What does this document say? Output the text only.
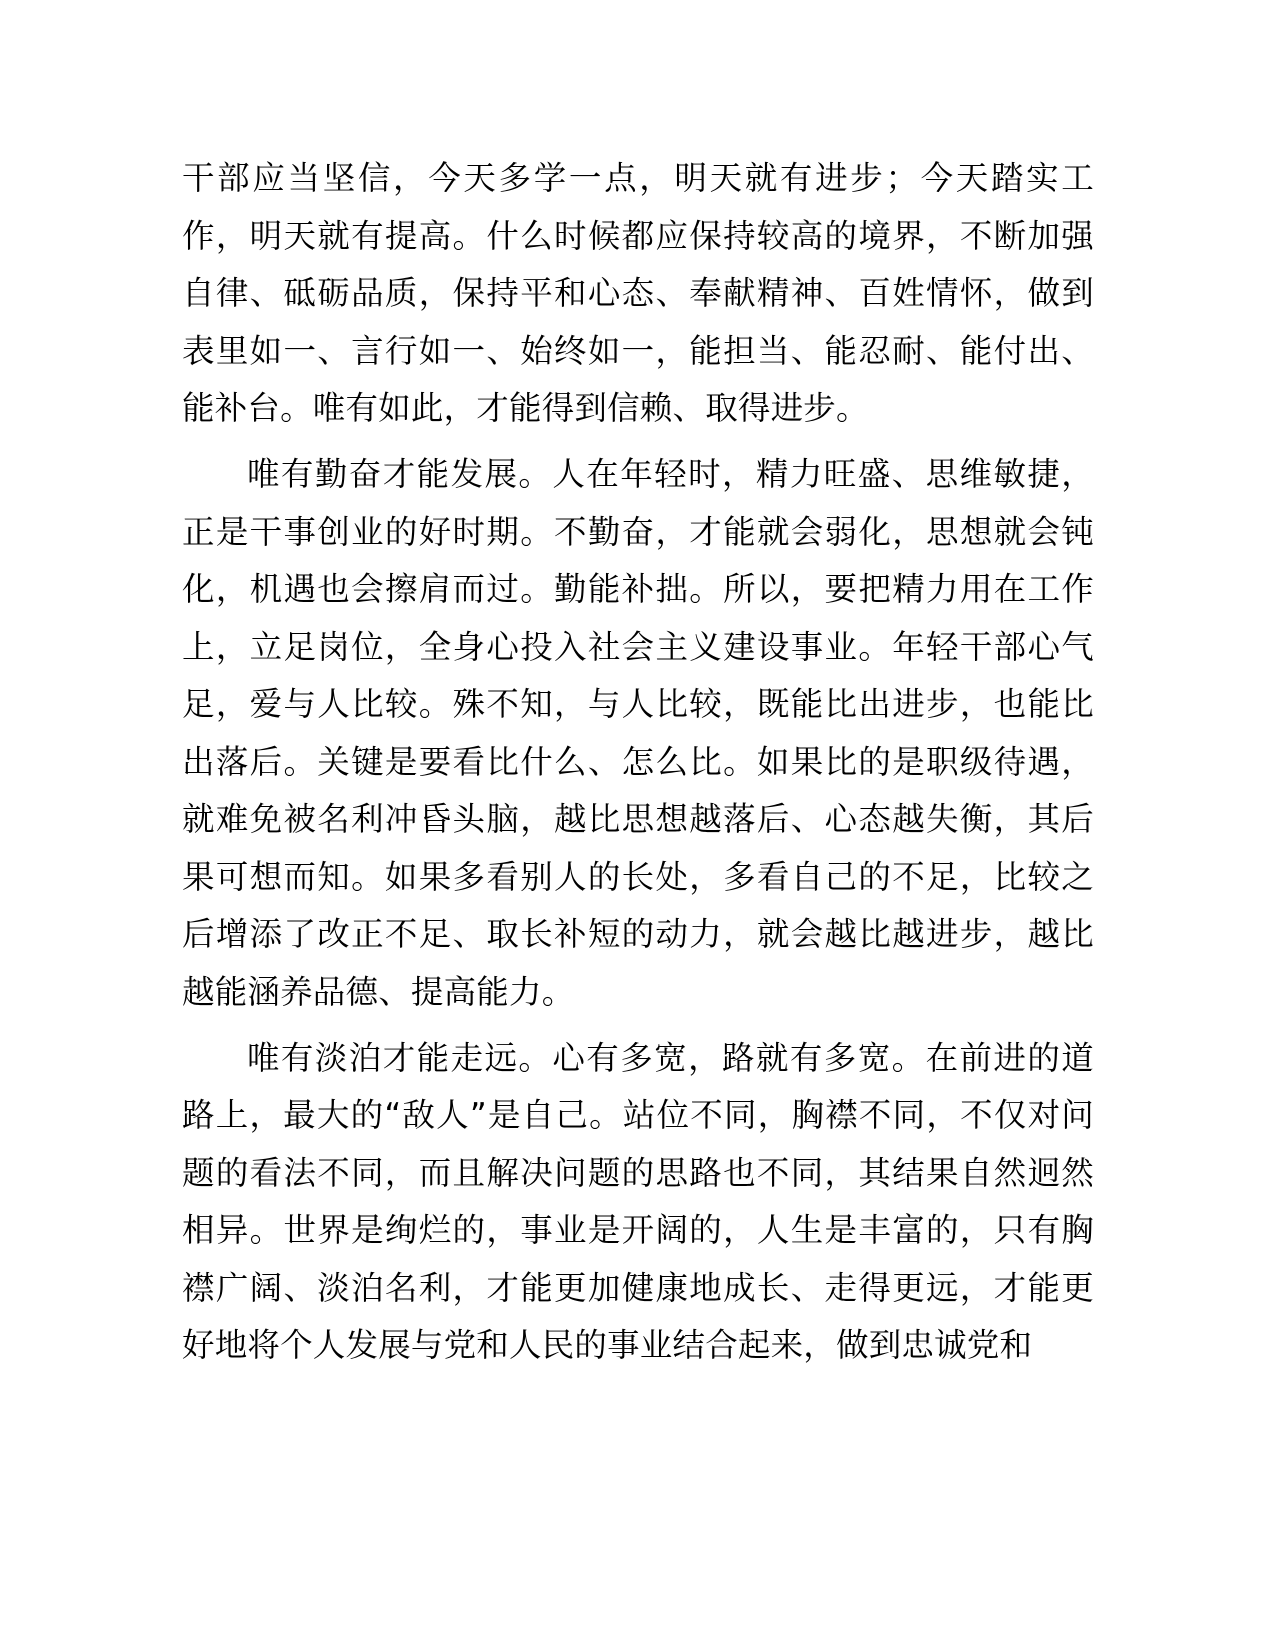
干部应当坚信，今天多学一点，明天就有进步；今天踏实工作，明天就有提高。什么时候都应保持较高的境界，不断加强自律、砥砺品质，保持平和心态、奉献精神、百姓情怀，做到表里如一、言行如一、始终如一，能担当、能忍耐、能付出、能补台。唯有如此，才能得到信赖、取得进步。

唯有勤奋才能发展。人在年轻时，精力旺盛、思维敏捷，正是干事创业的好时期。不勤奋，才能就会弱化，思想就会钝化，机遇也会擦肩而过。勤能补拙。所以，要把精力用在工作上，立足岗位，全身心投入社会主义建设事业。年轻干部心气足，爱与人比较。殊不知，与人比较，既能比出进步，也能比出落后。关键是要看比什么、怎么比。如果比的是职级待遇，就难免被名利冲昏头脑，越比思想越落后、心态越失衡，其后果可想而知。如果多看别人的长处，多看自己的不足，比较之后增添了改正不足、取长补短的动力，就会越比越进步，越比越能涵养品德、提高能力。

唯有淡泊才能走远。心有多宽，路就有多宽。在前进的道路上，最大的“敌人”是自己。站位不同，胸襟不同，不仅对问题的看法不同，而且解决问题的思路也不同，其结果自然迥然相异。世界是绚烂的，事业是开阔的，人生是丰富的，只有胸襟广阔、淡泊名利，才能更加健康地成长、走得更远，才能更好地将个人发展与党和人民的事业结合起来，做到忠诚党和
